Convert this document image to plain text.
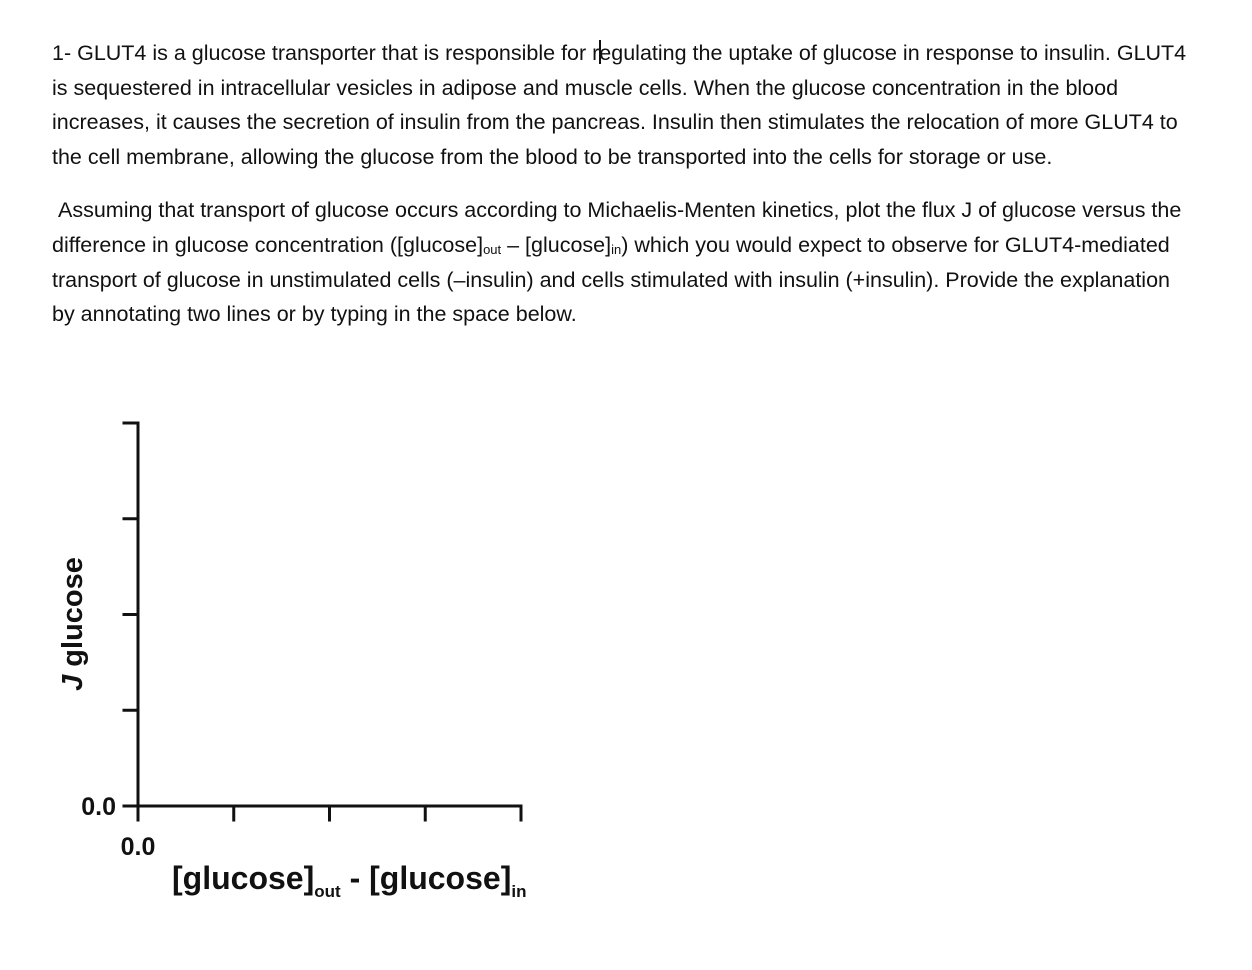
1- GLUT4 is a glucose transporter that is responsible for regulating the uptake of glucose in response to insulin. GLUT4 is sequestered in intracellular vesicles in adipose and muscle cells. When the glucose concentration in the blood increases, it causes the secretion of insulin from the pancreas. Insulin then stimulates the relocation of more GLUT4 to the cell membrane, allowing the glucose from the blood to be transported into the cells for storage or use.

Assuming that transport of glucose occurs according to Michaelis-Menten kinetics, plot the flux J of glucose versus the difference in glucose concentration $([glucose]_{out} - [glucose]_{in})$ which you would expect to observe for GLUT4-mediated transport of glucose in unstimulated cells (–insulin) and cells stimulated with insulin (+insulin). Provide the explanation by annotating two lines or by typing in the space below.

0.0
0.0
J glucose
$[glucose]_{out} - [glucose]_{in}$
